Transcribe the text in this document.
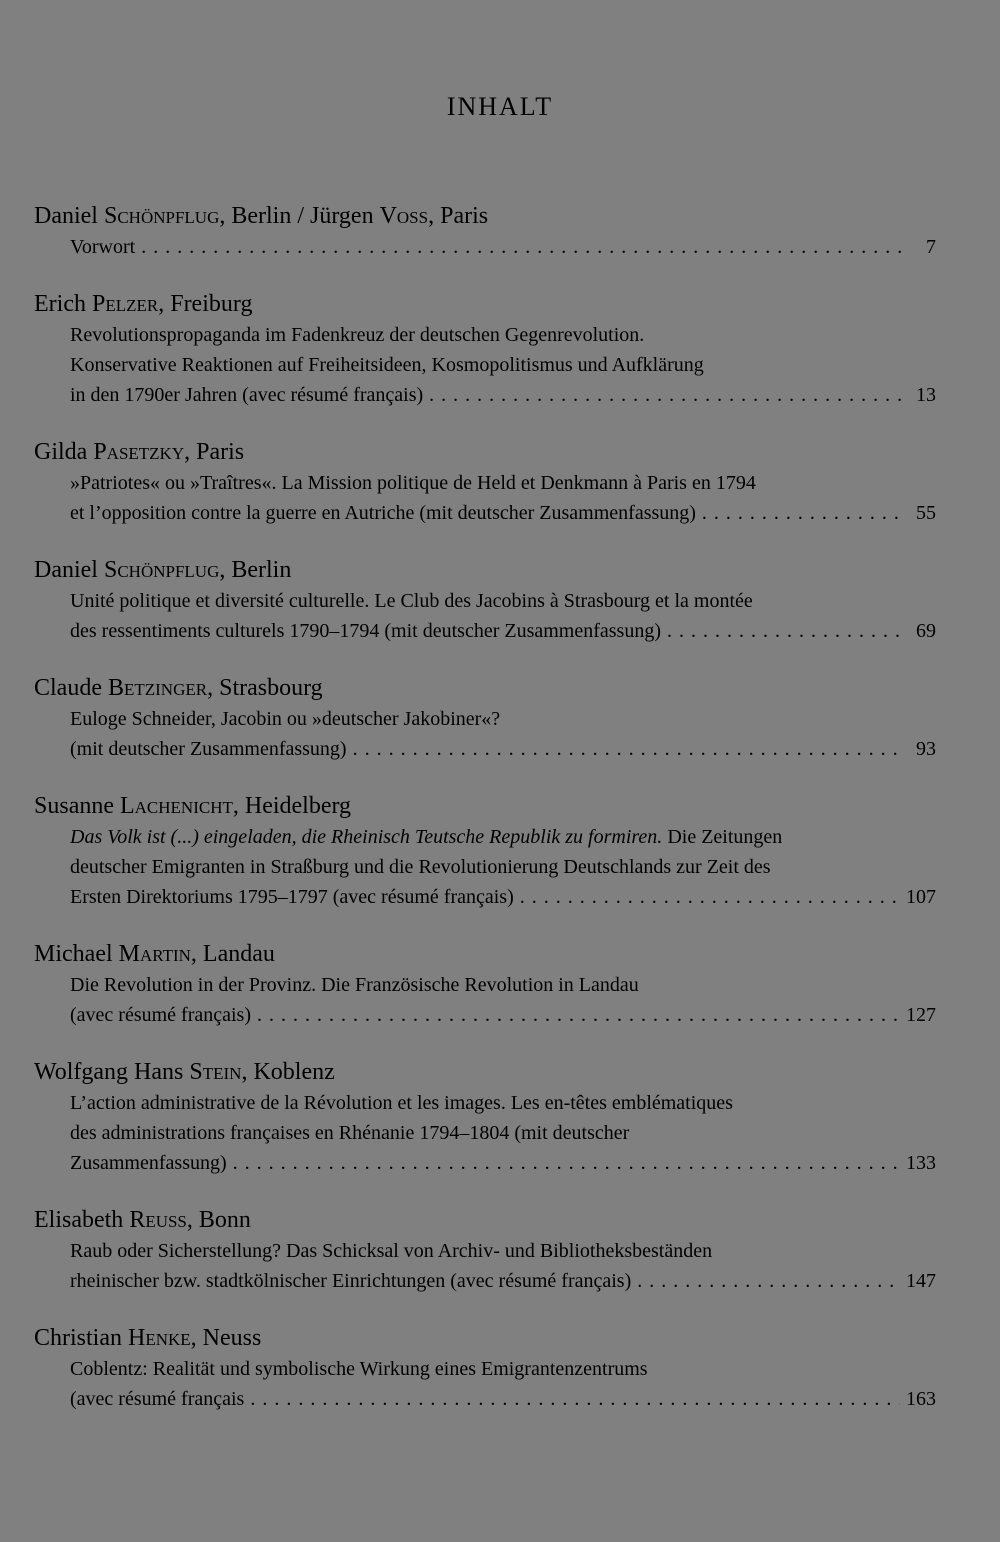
INHALT
Daniel Schönpflug, Berlin / Jürgen Voss, Paris
Vorwort . . .	7
Erich Pelzer, Freiburg
Revolutionspropaganda im Fadenkreuz der deutschen Gegenrevolution.
Konservative Reaktionen auf Freiheitsideen, Kosmopolitismus und Aufklärung
in den 1790er Jahren (avec résumé français) . . .	13
Gilda Pasetzky, Paris
»Patriotes« ou »Traîtres«. La Mission politique de Held et Denkmann à Paris en 1794
et l’opposition contre la guerre en Autriche (mit deutscher Zusammenfassung) . . .	55
Daniel Schönpflug, Berlin
Unité politique et diversité culturelle. Le Club des Jacobins à Strasbourg et la montée
des ressentiments culturels 1790–1794 (mit deutscher Zusammenfassung) . . .	69
Claude Betzinger, Strasbourg
Euloge Schneider, Jacobin ou »deutscher Jakobiner«?
(mit deutscher Zusammenfassung) . . .	93
Susanne Lachenicht, Heidelberg
Das Volk ist (...) eingeladen, die Rheinisch Teutsche Republik zu formiren. Die Zeitungen
deutscher Emigranten in Straßburg und die Revolutionierung Deutschlands zur Zeit des
Ersten Direktoriums 1795–1797 (avec résumé français) . . .	107
Michael Martin, Landau
Die Revolution in der Provinz. Die Französische Revolution in Landau
(avec résumé français) . . .	127
Wolfgang Hans Stein, Koblenz
L’action administrative de la Révolution et les images. Les en-têtes emblématiques
des administrations françaises en Rhénanie 1794–1804 (mit deutscher
Zusammenfassung) . . .	133
Elisabeth Reuss, Bonn
Raub oder Sicherstellung? Das Schicksal von Archiv- und Bibliotheksbeständen
rheinischer bzw. stadtkölnischer Einrichtungen (avec résumé français) . . .	147
Christian Henke, Neuss
Coblentz: Realität und symbolische Wirkung eines Emigrantenzentrums
(avec résumé français . . .	163
